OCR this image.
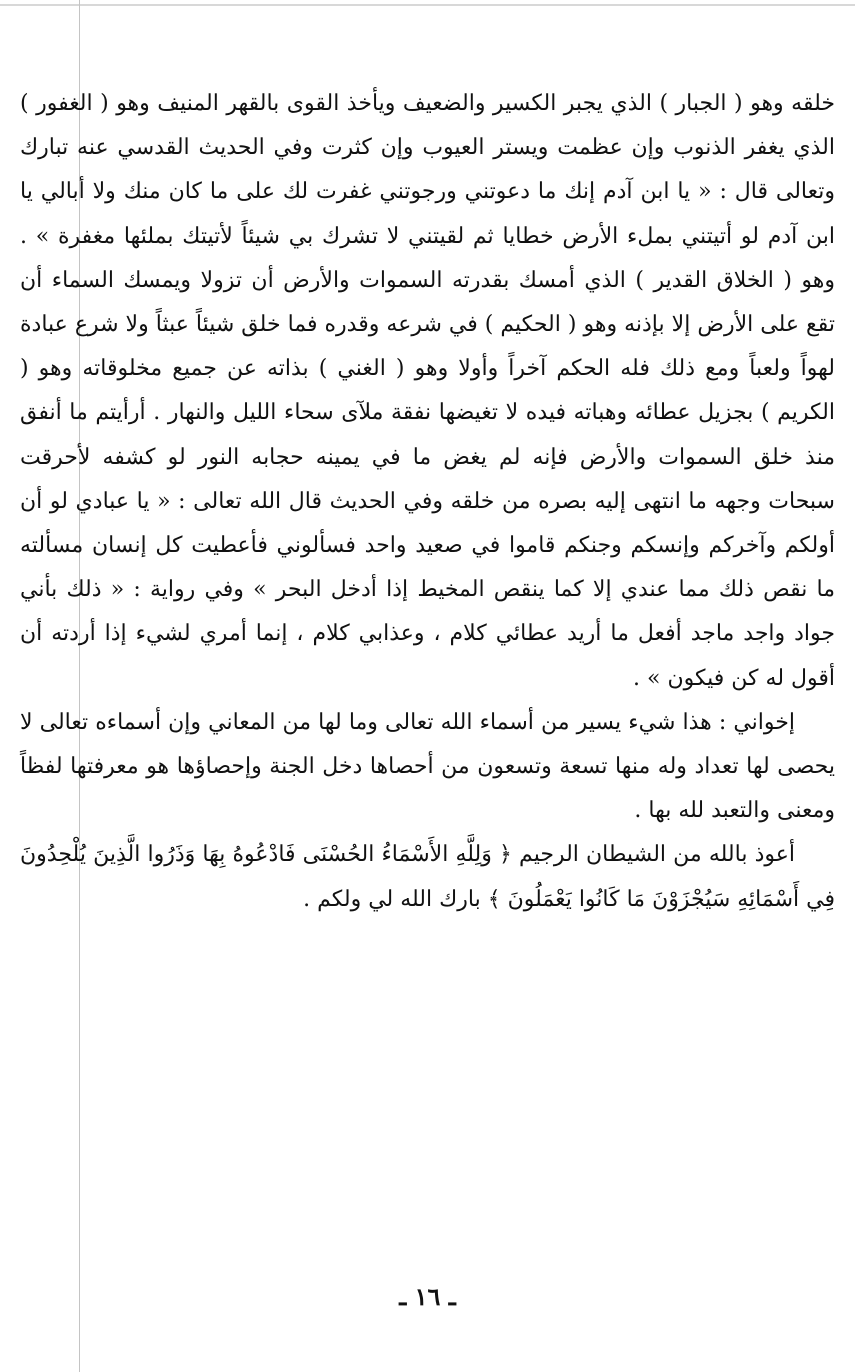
خلقه وهو ( الجبار ) الذي يجبر الكسير والضعيف ويأخذ القوى بالقهر المنيف وهو ( الغفور ) الذي يغفر الذنوب وإن عظمت ويستر العيوب وإن كثرت وفي الحديث القدسي عنه تبارك وتعالى قال : « يا ابن آدم إنك ما دعوتني ورجوتني غفرت لك على ما كان منك ولا أبالي يا ابن آدم لو أتيتني بملء الأرض خطايا ثم لقيتني لا تشرك بي شيئاً لأتيتك بملئها مغفرة » . وهو ( الخلاق القدير ) الذي أمسك بقدرته السموات والأرض أن تزولا ويمسك السماء أن تقع على الأرض إلا بإذنه وهو ( الحكيم ) في شرعه وقدره فما خلق شيئاً عبثاً ولا شرع عبادة لهواً ولعباً ومع ذلك فله الحكم آخراً وأولا وهو ( الغني ) بذاته عن جميع مخلوقاته وهو ( الكريم ) بجزيل عطائه وهباته فيده لا تغيضها نفقة ملآى سحاء الليل والنهار . أرأيتم ما أنفق منذ خلق السموات والأرض فإنه لم يغض ما في يمينه حجابه النور لو كشفه لأحرقت سبحات وجهه ما انتهى إليه بصره من خلقه وفي الحديث قال الله تعالى : « يا عبادي لو أن أولكم وآخركم وإنسكم وجنكم قاموا في صعيد واحد فسألوني فأعطيت كل إنسان مسألته ما نقص ذلك مما عندي إلا كما ينقص المخيط إذا أدخل البحر » وفي رواية : « ذلك بأني جواد واجد ماجد أفعل ما أريد عطائي كلام ، وعذابي كلام ، إنما أمري لشيء إذا أردته أن أقول له كن فيكون » .

إخواني : هذا شيء يسير من أسماء الله تعالى وما لها من المعاني وإن أسماءه تعالى لا يحصى لها تعداد وله منها تسعة وتسعون من أحصاها دخل الجنة وإحصاؤها هو معرفتها لفظاً ومعنى والتعبد لله بها .

أعوذ بالله من الشيطان الرجيم ﴿ وَلِلَّهِ الأَسْمَاءُ الحُسْنَى فَادْعُوهُ بِهَا وَذَرُوا الَّذِينَ يُلْحِدُونَ فِي أَسْمَائِهِ سَيُجْزَوْنَ مَا كَانُوا يَعْمَلُونَ ﴾ بارك الله لي ولكم .

ـ ١٦ ـ
